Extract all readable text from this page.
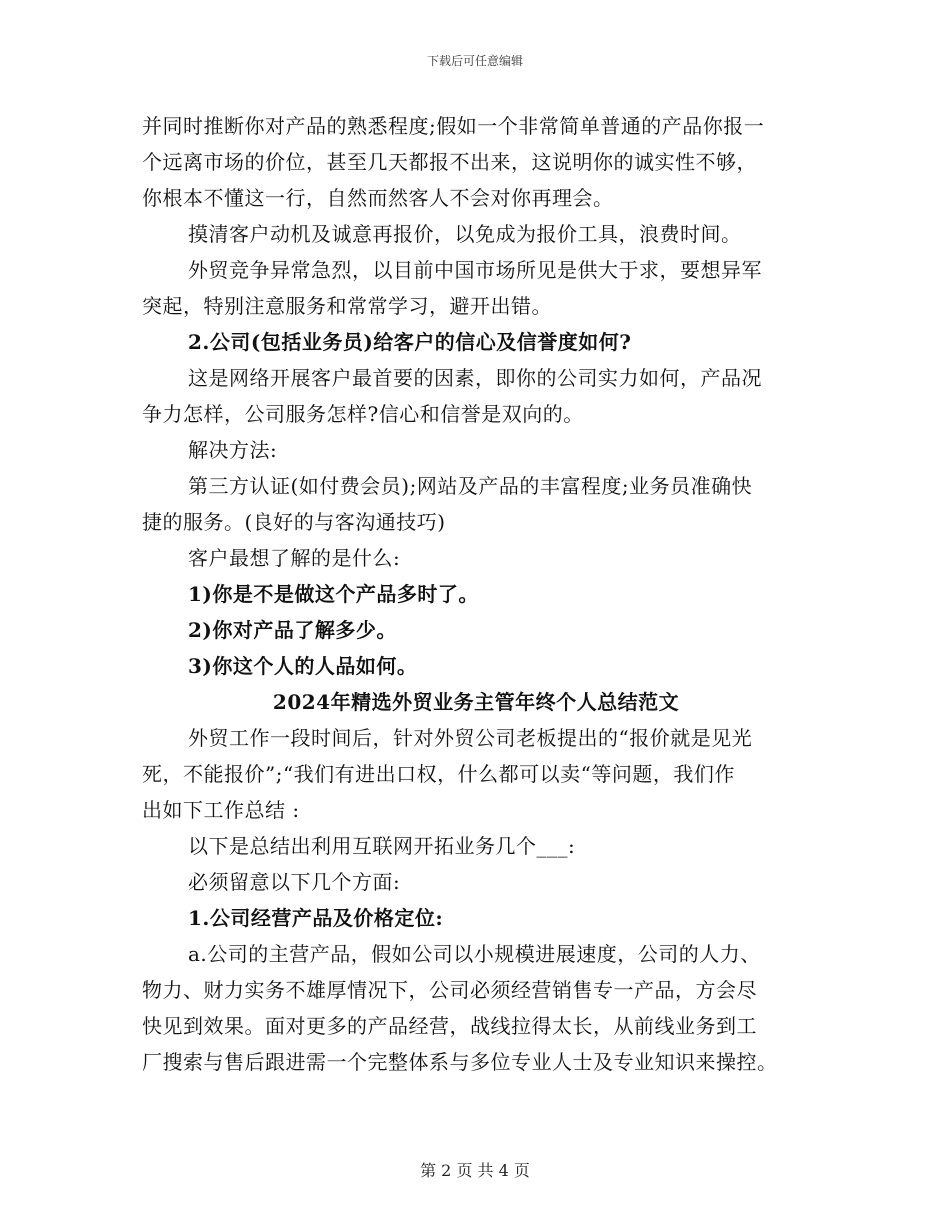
下载后可任意编辑
并同时推断你对产品的熟悉程度;假如一个非常简单普通的产品你报一
个远离市场的价位，甚至几天都报不出来，这说明你的诚实性不够，
你根本不懂这一行，自然而然客人不会对你再理会。
摸清客户动机及诚意再报价，以免成为报价工具，浪费时间。
外贸竞争异常急烈，以目前中国市场所见是供大于求，要想异军
突起，特别注意服务和常常学习，避开出错。
2.公司(包括业务员)给客户的信心及信誉度如何?
这是网络开展客户最首要的因素，即你的公司实力如何，产品况
争力怎样，公司服务怎样?信心和信誉是双向的。
解决方法:
第三方认证(如付费会员);网站及产品的丰富程度;业务员准确快
捷的服务。(良好的与客沟通技巧)
客户最想了解的是什么:
1)你是不是做这个产品多时了。
2)你对产品了解多少。
3)你这个人的人品如何。
2024年精选外贸业务主管年终个人总结范文
外贸工作一段时间后，针对外贸公司老板提出的“报价就是见光
死，不能报价”;“我们有进出口权，什么都可以卖“等问题，我们作
出如下工作总结 :
以下是总结出利用互联网开拓业务几个___:
必须留意以下几个方面:
1.公司经营产品及价格定位:
a.公司的主营产品，假如公司以小规模进展速度，公司的人力、
物力、财力实务不雄厚情况下，公司必须经营销售专一产品，方会尽
快见到效果。面对更多的产品经营，战线拉得太长，从前线业务到工
厂搜索与售后跟进需一个完整体系与多位专业人士及专业知识来操控。
第 2 页 共 4 页
